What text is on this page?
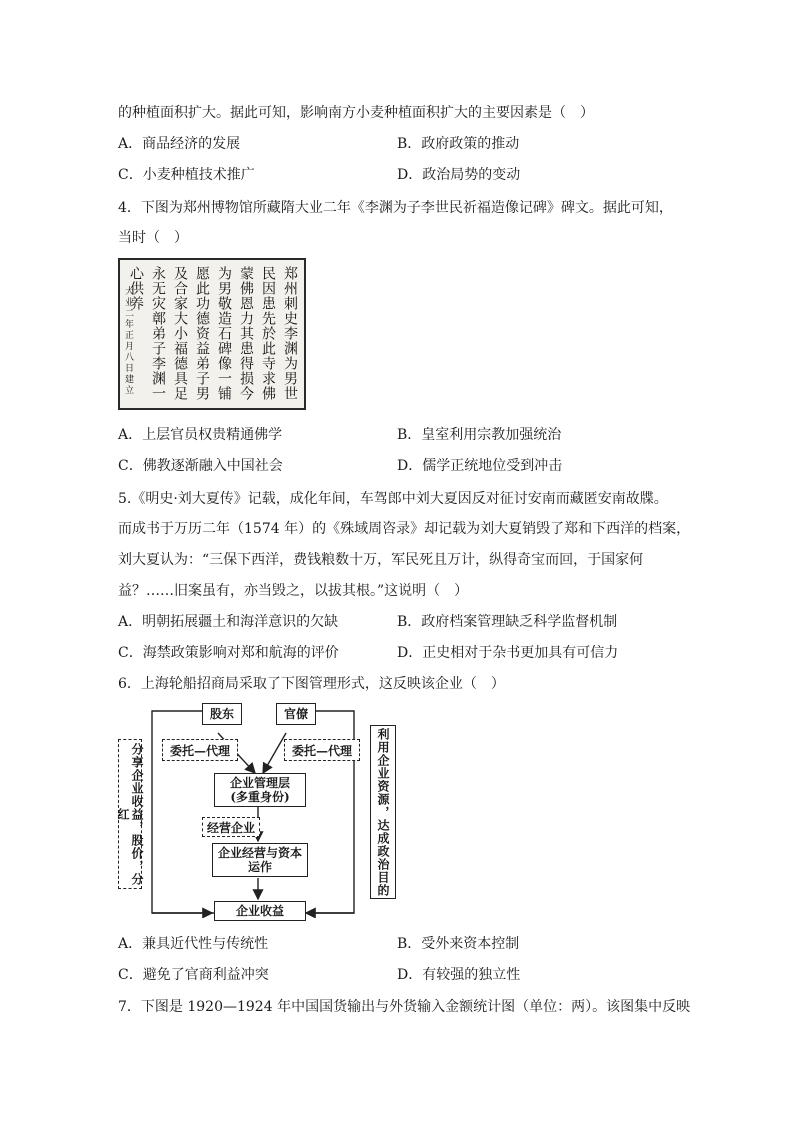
的种植面积扩大。据此可知，影响南方小麦种植面积扩大的主要因素是（　）
A．商品经济的发展	B．政府政策的推动
C．小麦种植技术推广	D．政治局势的变动
4．下图为郑州博物馆所藏隋大业二年《李渊为子李世民祈福造像记碑》碑文。据此可知，
当时（　）
郑州刺史李渊为男世
民因患先於此寺求佛
蒙佛恩力其患得损今
为男敬造石碑像一铺
愿此功德资益弟子男
及合家大小福德具足
永无灾鄣弟子李渊一
心供养
大业二年正月八日建立
A．上层官员权贵精通佛学	B．皇室利用宗教加强统治
C．佛教逐渐融入中国社会	D．儒学正统地位受到冲击
5.《明史·刘大夏传》记载，成化年间，车驾郎中刘大夏因反对征讨安南而藏匿安南故牒。
而成书于万历二年（1574 年）的《殊域周咨录》却记载为刘大夏销毁了郑和下西洋的档案，
刘大夏认为：“三保下西洋，费钱粮数十万，军民死且万计，纵得奇宝而回，于国家何
益？……旧案虽有，亦当毁之，以拔其根。”这说明（　）
A．明朝拓展疆土和海洋意识的欠缺	B．政府档案管理缺乏科学监督机制
C．海禁政策影响对郑和航海的评价	D．正史相对于杂书更加具有可信力
6．上海轮船招商局采取了下图管理形式，这反映该企业（　）
股东	官僚
委托—代理	委托—代理
企业管理层
(多重身份)
经营企业
企业经营与资本
运作
企业收益
分享企业收益，股价，分红	利用企业资源，达成政治目的
A．兼具近代性与传统性	B．受外来资本控制
C．避免了官商利益冲突	D．有较强的独立性
7．下图是 1920—1924 年中国国货输出与外货输入金额统计图（单位：两）。该图集中反映
